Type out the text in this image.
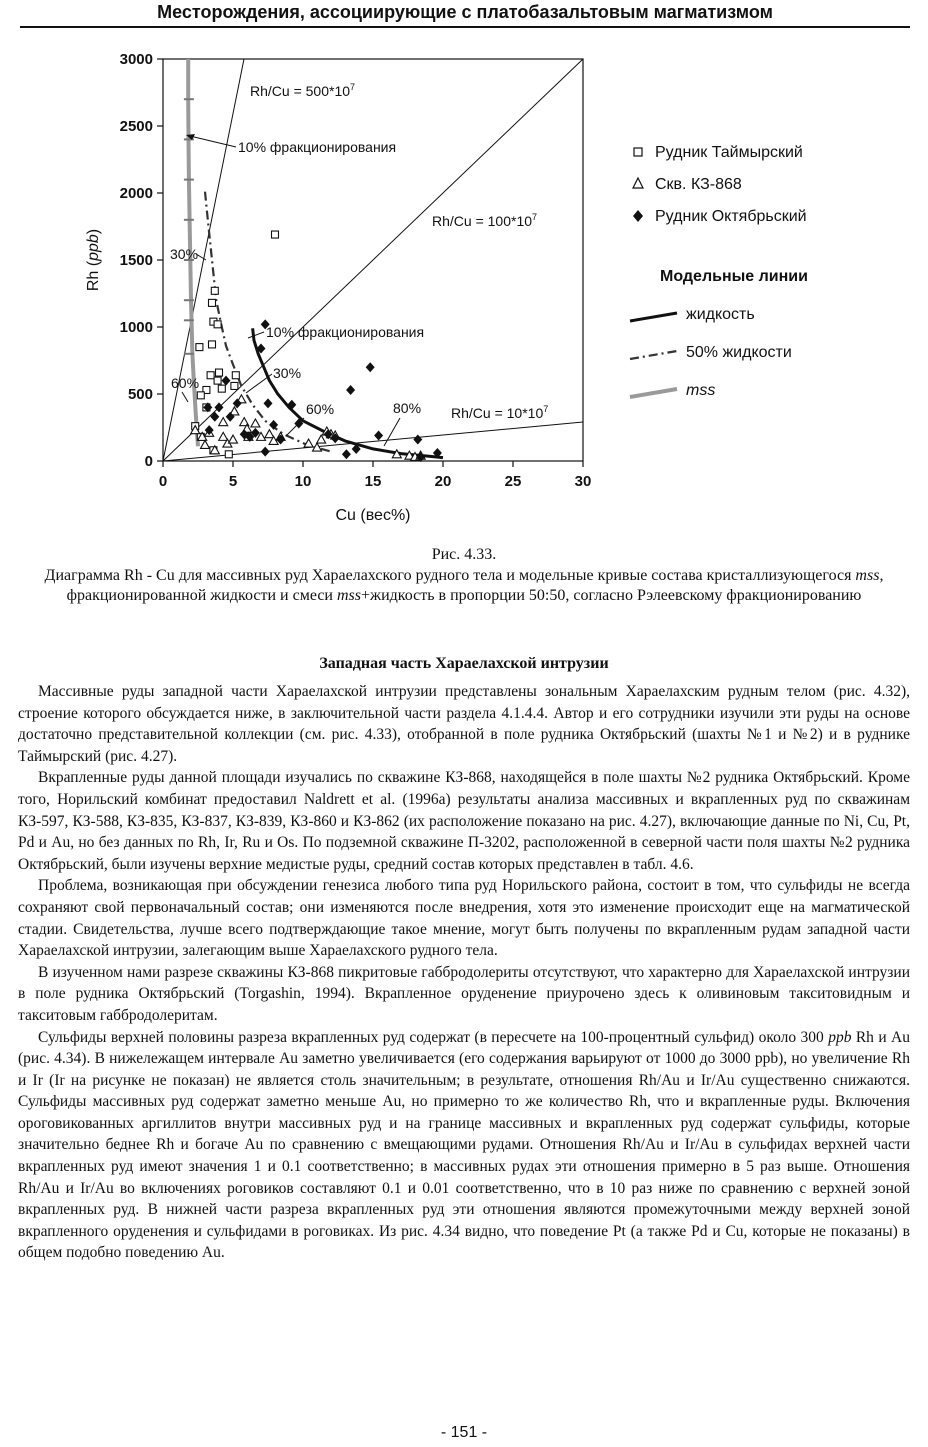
Месторождения, ассоциирующие с платобазальтовым магматизмом
$Rh/Cu = 500*10^7$
$Rh/Cu = 100*10^7$
$Rh/Cu = 10*10^7$
0	5	10	15	20	25	30
0
500
1000
1500
2000
2500
3000
Cu (вес%)
Rh (ppb)
10% фракционирования
10% фракционирования
30%
30%
60%
60%	80%
Рудник Таймырский
Скв. КЗ-868
Рудник Октябрьский
Модельные линии
жидкость
50% жидкости
mss
Рис. 4.33.
Диаграмма Rh - Cu для массивных руд Хараелахского рудного тела и модельные кривые состава кристаллизующегося mss, фракционированной жидкости и смеси mss+жидкость в пропорции 50:50, согласно Рэлеевскому фракционированию
Западная часть Хараелахской интрузии

Массивные руды западной части Хараелахской интрузии представлены зональным Хараелахским рудным телом (рис. 4.32), строение которого обсуждается ниже, в заключительной части раздела 4.1.4.4. Автор и его сотрудники изучили эти руды на основе достаточно представительной коллекции (см. рис. 4.33), отобранной в поле рудника Октябрьский (шахты №1 и №2) и в руднике Таймырский (рис. 4.27).

Вкрапленные руды данной площади изучались по скважине КЗ-868, находящейся в поле шахты №2 рудника Октябрьский. Кроме того, Норильский комбинат предоставил Naldrett et al. (1996a) результаты анализа массивных и вкрапленных руд по скважинам КЗ-597, КЗ-588, КЗ-835, КЗ-837, КЗ-839, КЗ-860 и КЗ-862 (их расположение показано на рис. 4.27), включающие данные по Ni, Cu, Pt, Pd и Au, но без данных по Rh, Ir, Ru и Os. По подземной скважине П-3202, расположенной в северной части поля шахты №2 рудника Октябрьский, были изучены верхние медистые руды, средний состав которых представлен в табл. 4.6.

Проблема, возникающая при обсуждении генезиса любого типа руд Норильского района, состоит в том, что сульфиды не всегда сохраняют свой первоначальный состав; они изменяются после внедрения, хотя это изменение происходит еще на магматической стадии. Свидетельства, лучше всего подтверждающие такое мнение, могут быть получены по вкрапленным рудам западной части Хараелахской интрузии, залегающим выше Хараелахского рудного тела.

В изученном нами разрезе скважины КЗ-868 пикритовые габбродолериты отсутствуют, что характерно для Хараелахской интрузии в поле рудника Октябрьский (Torgashin, 1994). Вкрапленное оруденение приурочено здесь к оливиновым такситовидным и такситовым габбродолеритам.

Сульфиды верхней половины разреза вкрапленных руд содержат (в пересчете на 100-процентный сульфид) около 300 ppb Rh и Au (рис. 4.34). В нижележащем интервале Au заметно увеличивается (его содержания варьируют от 1000 до 3000 ppb), но увеличение Rh и Ir (Ir на рисунке не показан) не является столь значительным; в результате, отношения Rh/Au и Ir/Au существенно снижаются. Сульфиды массивных руд содержат заметно меньше Au, но примерно то же количество Rh, что и вкрапленные руды. Включения ороговикованных аргиллитов внутри массивных руд и на границе массивных и вкрапленных руд содержат сульфиды, которые значительно беднее Rh и богаче Au по сравнению с вмещающими рудами. Отношения Rh/Au и Ir/Au в сульфидах верхней части вкрапленных руд имеют значения 1 и 0.1 соответственно; в массивных рудах эти отношения примерно в 5 раз выше. Отношения Rh/Au и Ir/Au во включениях роговиков составляют 0.1 и 0.01 соответственно, что в 10 раз ниже по сравнению с верхней зоной вкрапленных руд. В нижней части разреза вкрапленных руд эти отношения являются промежуточными между верхней зоной вкрапленного оруденения и сульфидами в роговиках. Из рис. 4.34 видно, что поведение Pt (а также Pd и Cu, которые не показаны) в общем подобно поведению Au.

- 151 -
